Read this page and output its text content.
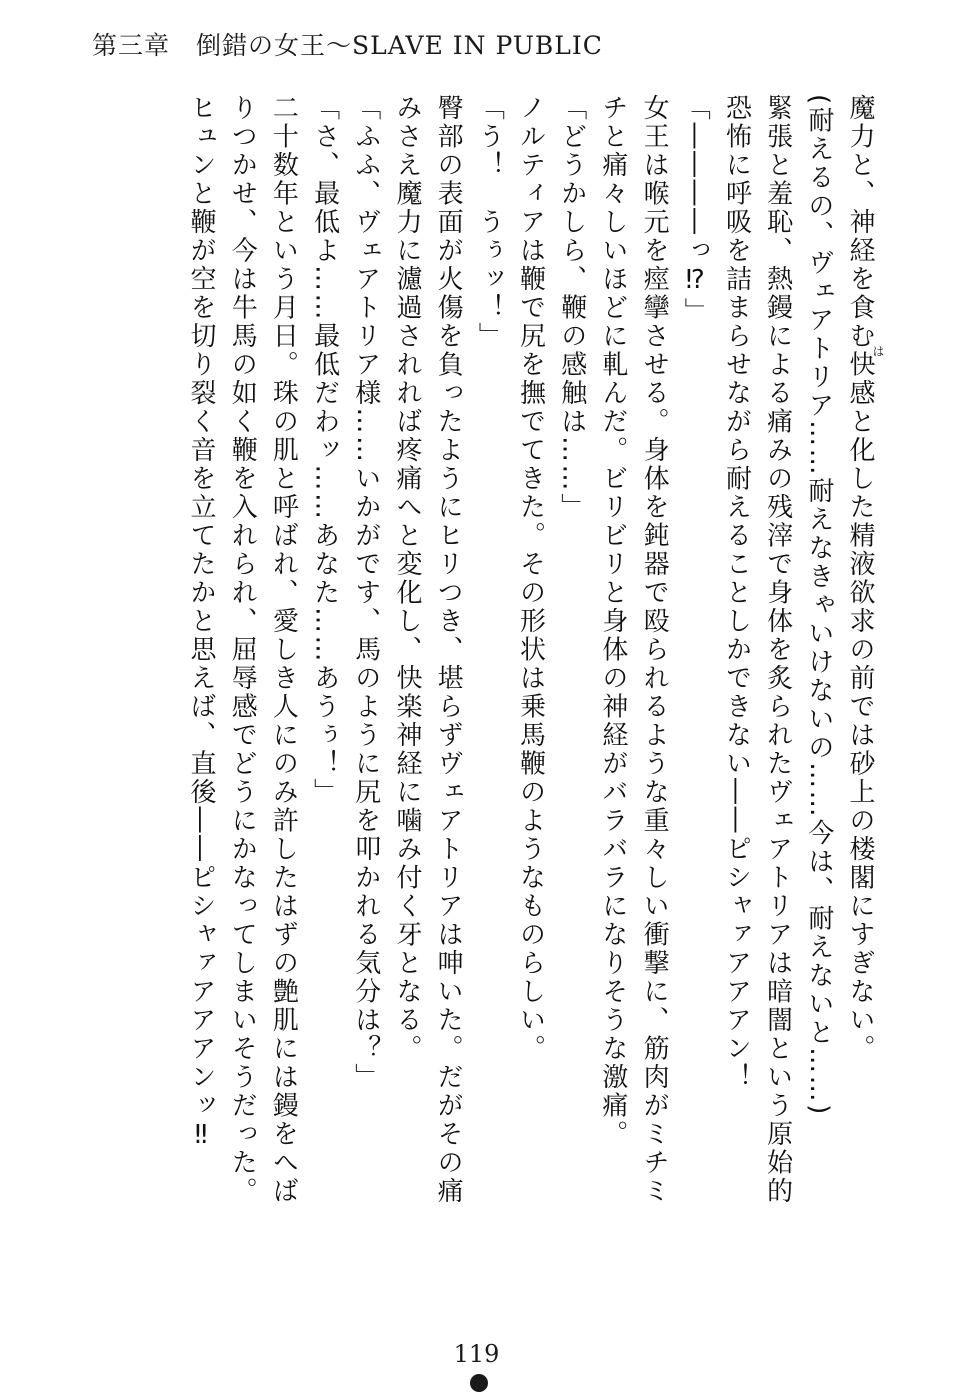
第三章　倒錯の女王～SLAVE IN PUBLIC
魔力と、神経を食む快感と化した精液欲求の前では砂上の楼閣にすぎない。
は
(耐えるの、ヴェアトリア……耐えなきゃいけないの……今は、耐えないと……)
緊張と羞恥、熱鏝による痛みの残滓で身体を炙られたヴェアトリアは暗闇という原始的
恐怖に呼吸を詰まらせながら耐えることしかできない――ピシャァアアアン！
「――――っ⁉」
女王は喉元を痙攣させる。身体を鈍器で殴られるような重々しい衝撃に、筋肉がミチミ
チと痛々しいほどに軋んだ。ビリビリと身体の神経がバラバラになりそうな激痛。
「どうかしら、鞭の感触は……」
ノルティアは鞭で尻を撫でてきた。その形状は乗馬鞭のようなものらしい。
「う！　うぅッ！」
臀部の表面が火傷を負ったようにヒリつき、堪らずヴェアトリアは呻いた。だがその痛
みさえ魔力に濾過されれば疼痛へと変化し、快楽神経に噛み付く牙となる。
「ふふ、ヴェアトリア様……いかがです、馬のように尻を叩かれる気分は？」
「さ、最低よ……最低だわッ……あなた……あうぅ！」
二十数年という月日。珠の肌と呼ばれ、愛しき人にのみ許したはずの艶肌には鏝をへば
りつかせ、今は牛馬の如く鞭を入れられ、屈辱感でどうにかなってしまいそうだった。
ヒュンと鞭が空を切り裂く音を立てたかと思えば、直後――ピシャァアアアンッ‼
119
